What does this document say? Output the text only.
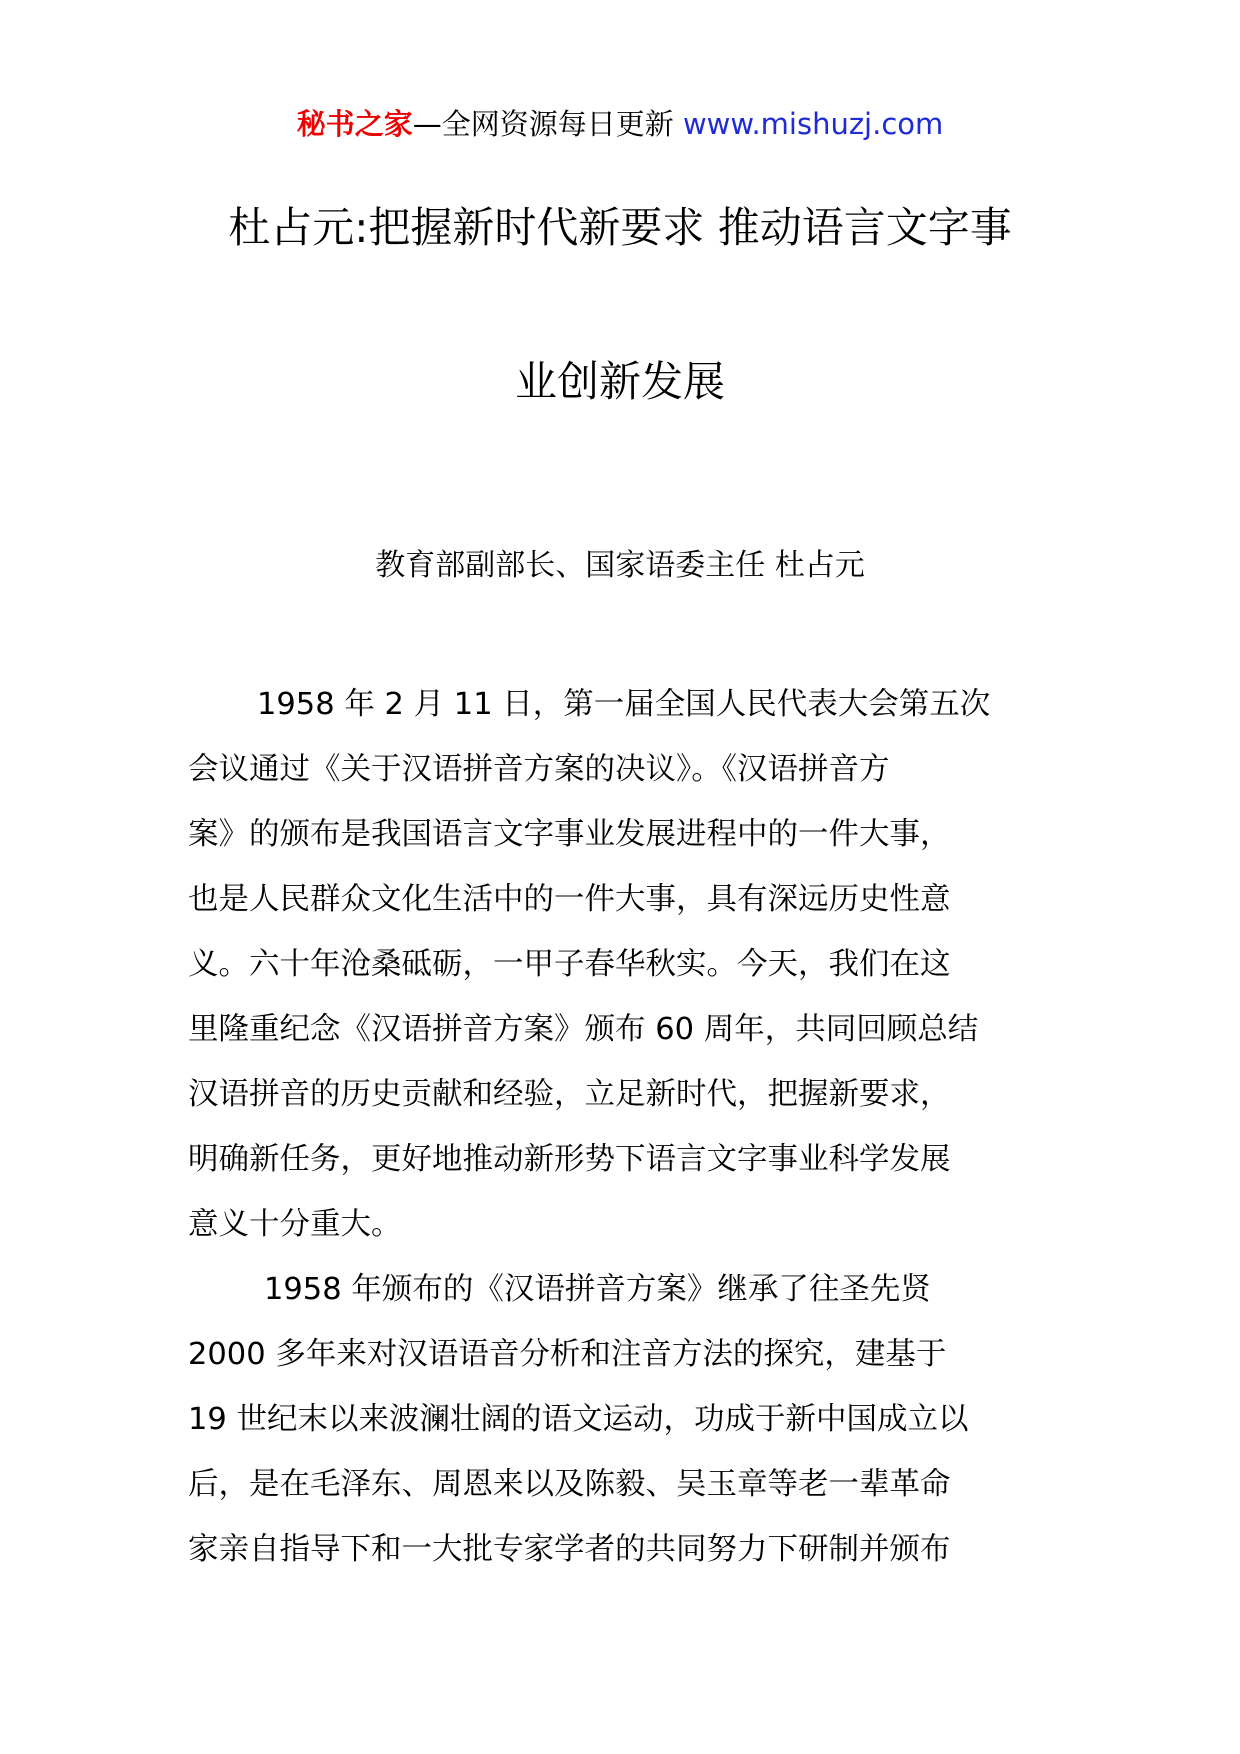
秘书之家—全网资源每日更新 www.mishuzj.com
杜占元:把握新时代新要求 推动语言文字事
业创新发展
教育部副部长、国家语委主任 杜占元
1958 年 2 月 11 日，第一届全国人民代表大会第五次
会议通过《关于汉语拼音方案的决议》。《汉语拼音方
案》的颁布是我国语言文字事业发展进程中的一件大事，
也是人民群众文化生活中的一件大事，具有深远历史性意
义。六十年沧桑砥砺，一甲子春华秋实。今天，我们在这
里隆重纪念《汉语拼音方案》颁布 60 周年，共同回顾总结
汉语拼音的历史贡献和经验，立足新时代，把握新要求，
明确新任务，更好地推动新形势下语言文字事业科学发展
意义十分重大。
1958 年颁布的《汉语拼音方案》继承了往圣先贤
2000 多年来对汉语语音分析和注音方法的探究，建基于
19 世纪末以来波澜壮阔的语文运动，功成于新中国成立以
后，是在毛泽东、周恩来以及陈毅、吴玉章等老一辈革命
家亲自指导下和一大批专家学者的共同努力下研制并颁布
